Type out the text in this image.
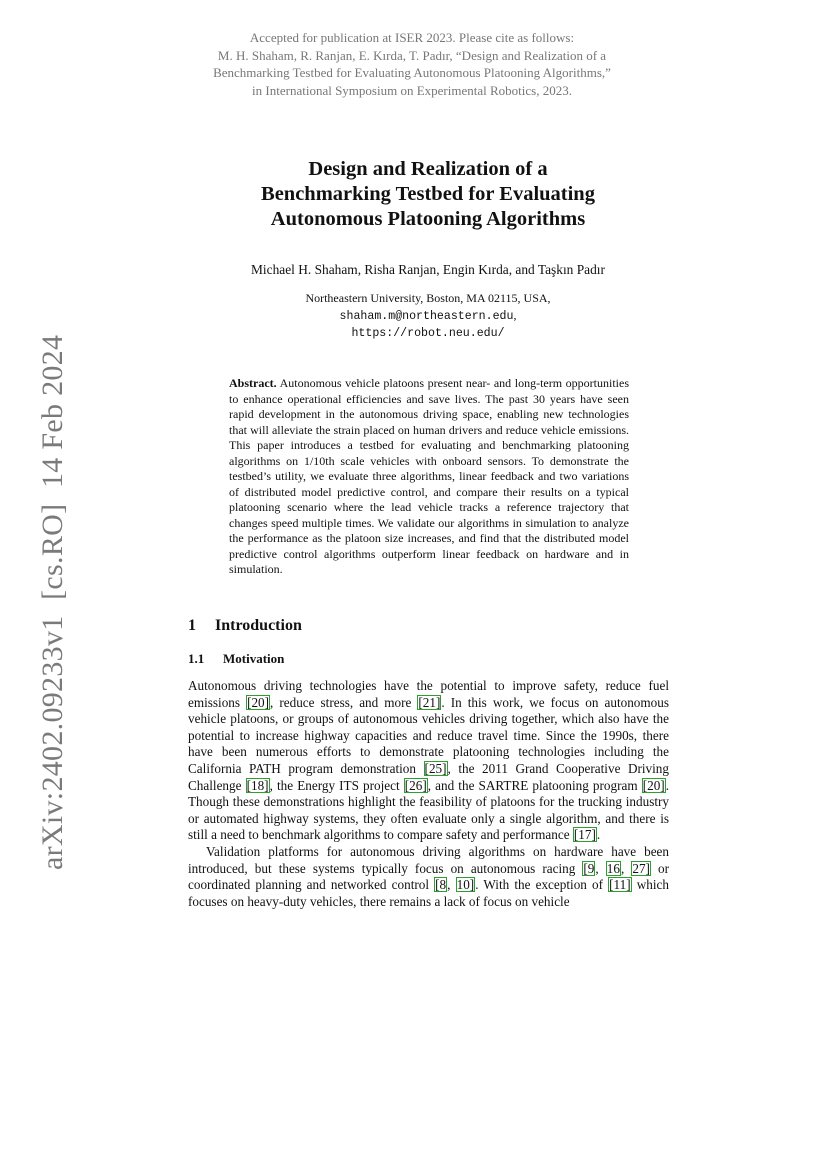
Accepted for publication at ISER 2023. Please cite as follows:
M. H. Shaham, R. Ranjan, E. Kırda, T. Padır, “Design and Realization of a
Benchmarking Testbed for Evaluating Autonomous Platooning Algorithms,”
in International Symposium on Experimental Robotics, 2023.
arXiv:2402.09233v1  [cs.RO]  14 Feb 2024
Design and Realization of a
Benchmarking Testbed for Evaluating
Autonomous Platooning Algorithms
Michael H. Shaham, Risha Ranjan, Engin Kırda, and Taşkın Padır
Northeastern University, Boston, MA 02115, USA,
shaham.m@northeastern.edu,
https://robot.neu.edu/
Abstract. Autonomous vehicle platoons present near- and long-term opportunities to enhance operational efficiencies and save lives. The past 30 years have seen rapid development in the autonomous driving space, enabling new technologies that will alleviate the strain placed on human drivers and reduce vehicle emissions. This paper introduces a testbed for evaluating and benchmarking platooning algorithms on 1/10th scale vehicles with onboard sensors. To demonstrate the testbed’s utility, we evaluate three algorithms, linear feedback and two variations of distributed model predictive control, and compare their results on a typical platooning scenario where the lead vehicle tracks a reference trajectory that changes speed multiple times. We validate our algorithms in simulation to analyze the performance as the platoon size increases, and find that the distributed model predictive control algorithms outperform linear feedback on hardware and in simulation.
1 Introduction
1.1 Motivation

Autonomous driving technologies have the potential to improve safety, reduce fuel emissions [20], reduce stress, and more [21]. In this work, we focus on autonomous vehicle platoons, or groups of autonomous vehicles driving together, which also have the potential to increase highway capacities and reduce travel time. Since the 1990s, there have been numerous efforts to demonstrate platooning technologies including the California PATH program demonstration [25], the 2011 Grand Cooperative Driving Challenge [18], the Energy ITS project [26], and the SARTRE platooning program [20]. Though these demonstrations highlight the feasibility of platoons for the trucking industry or automated highway systems, they often evaluate only a single algorithm, and there is still a need to benchmark algorithms to compare safety and performance [17].

Validation platforms for autonomous driving algorithms on hardware have been introduced, but these systems typically focus on autonomous racing [9, 16, 27] or coordinated planning and networked control [8, 10]. With the exception of [11] which focuses on heavy-duty vehicles, there remains a lack of focus on vehicle
